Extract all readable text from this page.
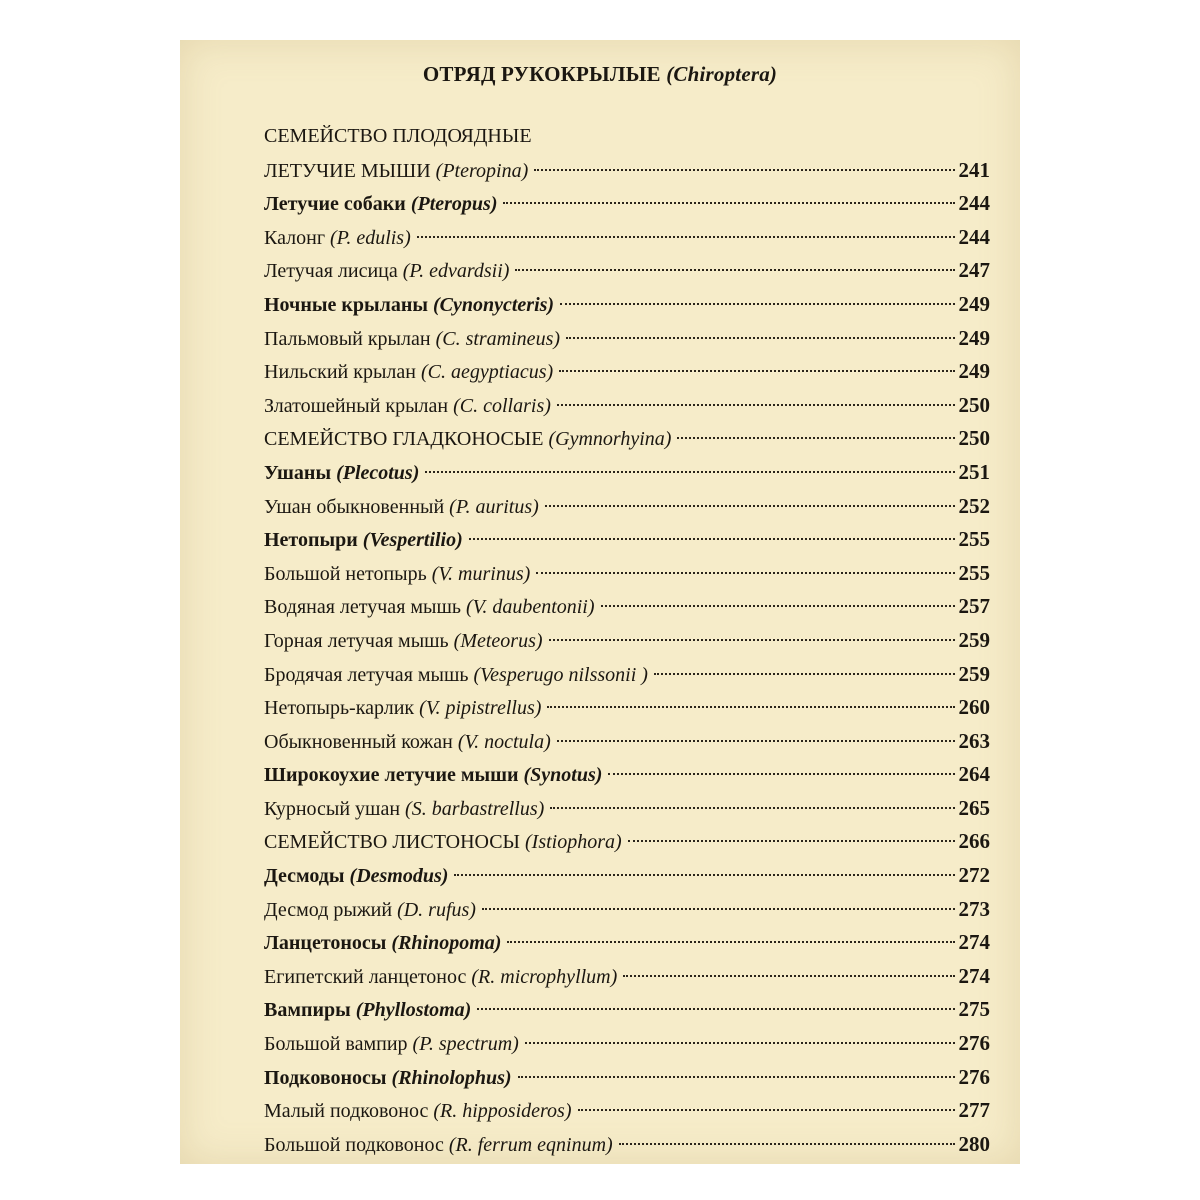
ОТРЯД РУКОКРЫЛЫЕ (Chiroptera)
СЕМЕЙСТВО ПЛОДОЯДНЫЕ
ЛЕТУЧИЕ МЫШИ (Pteropina)	241
Летучие собаки (Pteropus)	244
Калонг (P. edulis)	244
Летучая лисица (P. edvardsii)	247
Ночные крыланы (Cynonycteris)	249
Пальмовый крылан (C. stramineus)	249
Нильский крылан (C. aegyptiacus)	249
Златошейный крылан (C. collaris)	250
СЕМЕЙСТВО ГЛАДКОНОСЫЕ (Gymnorhyina)	250
Ушаны (Plecotus)	251
Ушан обыкновенный (P. auritus)	252
Нетопыри (Vespertilio)	255
Большой нетопырь (V. murinus)	255
Водяная летучая мышь (V. daubentonii)	257
Горная летучая мышь (Meteorus)	259
Бродячая летучая мышь (Vesperugo nilssonii )	259
Нетопырь-карлик (V. pipistrellus)	260
Обыкновенный кожан (V. noctula)	263
Широкоухие летучие мыши (Synotus)	264
Курносый ушан (S. barbastrellus)	265
СЕМЕЙСТВО ЛИСТОНОСЫ (Istiophora)	266
Десмоды (Desmodus)	272
Десмод рыжий (D. rufus)	273
Ланцетоносы (Rhinopoma)	274
Египетский ланцетонос (R. microphyllum)	274
Вампиры (Phyllostoma)	275
Большой вампир (P. spectrum)	276
Подковоносы (Rhinolophus)	276
Малый подковонос (R. hipposideros)	277
Большой подковонос (R. ferrum eqninum)	280
